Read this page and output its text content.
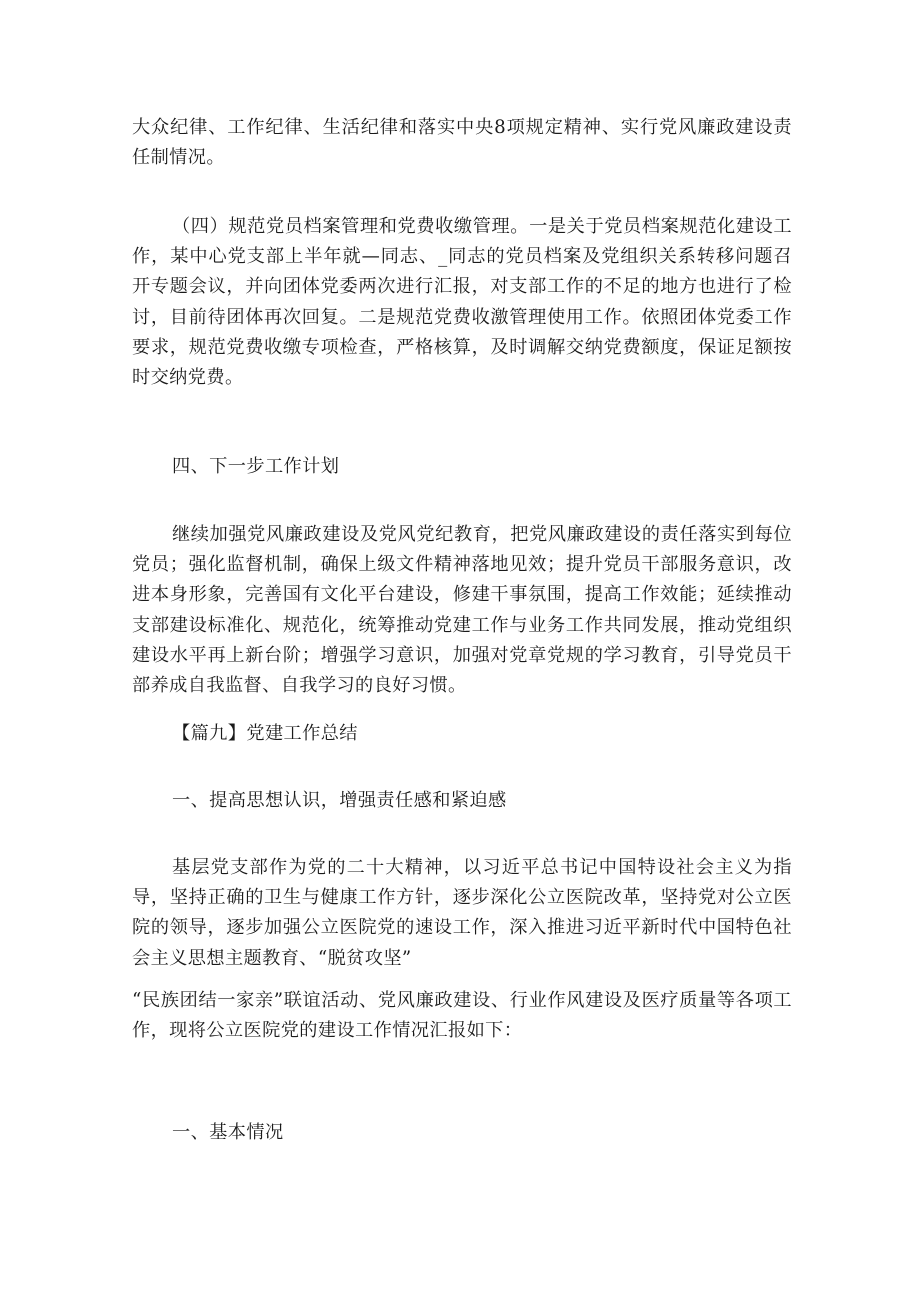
大众纪律、工作纪律、生活纪律和落实中央8项规定精神、实行党风廉政建设责任制情况。

（四）规范党员档案管理和党费收缴管理。一是关于党员档案规范化建设工作，某中心党支部上半年就—同志、_同志的党员档案及党组织关系转移问题召开专题会议，并向团体党委两次进行汇报，对支部工作的不足的地方也进行了检讨，目前待团体再次回复。二是规范党费收激管理使用工作。依照团体党委工作要求，规范党费收缴专项检查，严格核算，及时调解交纳党费额度，保证足额按时交纳党费。

四、下一步工作计划

继续加强党风廉政建设及党风党纪教育，把党风廉政建设的责任落实到每位党员；强化监督机制，确保上级文件精神落地见效；提升党员干部服务意识，改进本身形象，完善国有文化平台建设，修建干事氛围，提高工作效能；延续推动支部建设标准化、规范化，统筹推动党建工作与业务工作共同发展，推动党组织建设水平再上新台阶；增强学习意识，加强对党章党规的学习教育，引导党员干部养成自我监督、自我学习的良好习惯。

【篇九】党建工作总结

一、提高思想认识，增强责任感和紧迫感

基层党支部作为党的二十大精神，以习近平总书记中国特设社会主义为指导，坚持正确的卫生与健康工作方针，逐步深化公立医院改革，坚持党对公立医院的领导，逐步加强公立医院党的速设工作，深入推进习近平新时代中国特色社会主义思想主题教育、“脱贫攻坚”

“民族团结一家亲”联谊活动、党风廉政建设、行业作风建设及医疗质量等各项工作，现将公立医院党的建设工作情况汇报如下：

一、基本情况
